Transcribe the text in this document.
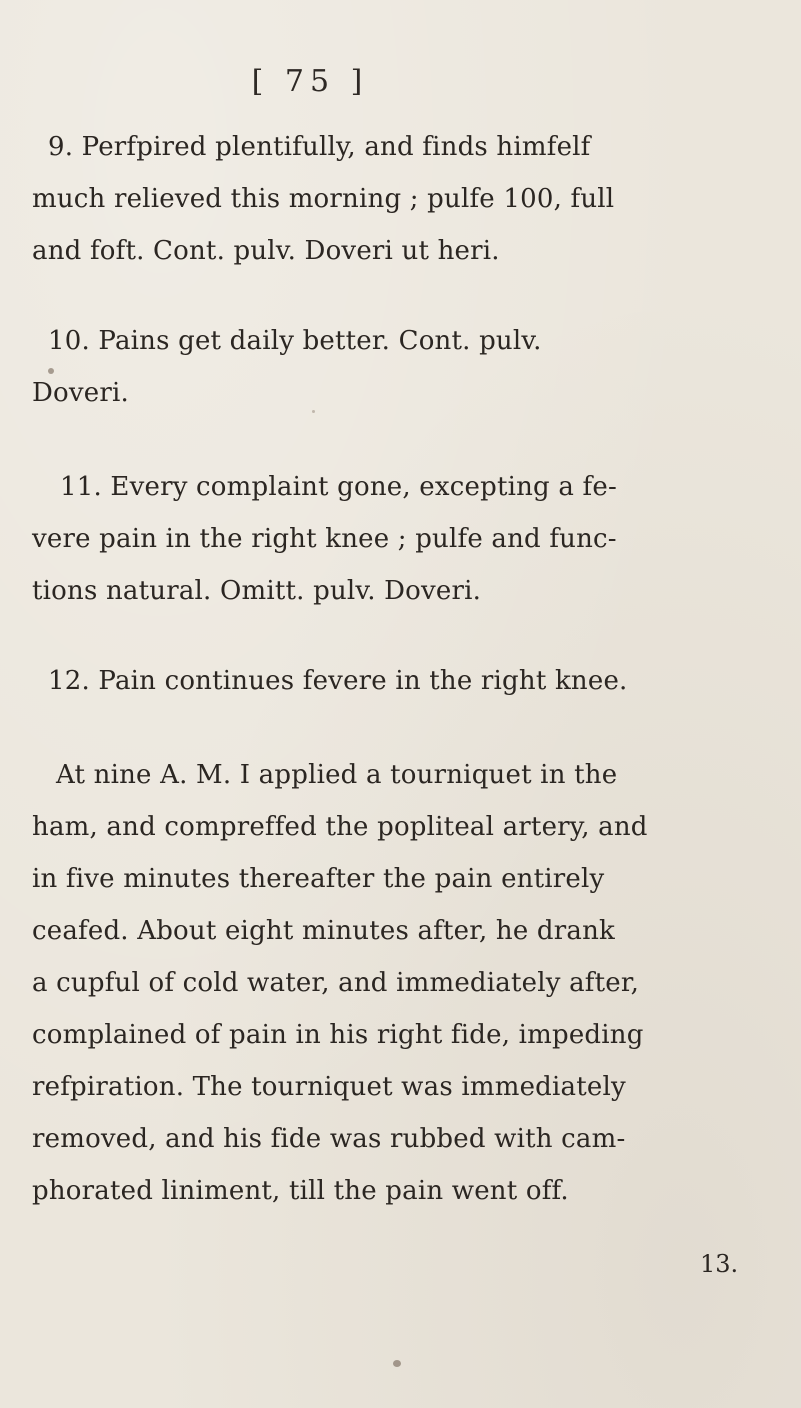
[ 75 ]
9. Perfpired plentifully, and finds himfelf
much relieved this morning ; pulfe 100, full
and foft. Cont. pulv. Doveri ut heri.
10. Pains get daily better. Cont. pulv.
Doveri.
11. Every complaint gone, excepting a fe-
vere pain in the right knee ; pulfe and func-
tions natural. Omitt. pulv. Doveri.
12. Pain continues fevere in the right knee.
At nine A. M. I applied a tourniquet in the
ham, and compreffed the popliteal artery, and
in five minutes thereafter the pain entirely
ceafed. About eight minutes after, he drank
a cupful of cold water, and immediately after,
complained of pain in his right fide, impeding
refpiration. The tourniquet was immediately
removed, and his fide was rubbed with cam-
phorated liniment, till the pain went off.
13.
